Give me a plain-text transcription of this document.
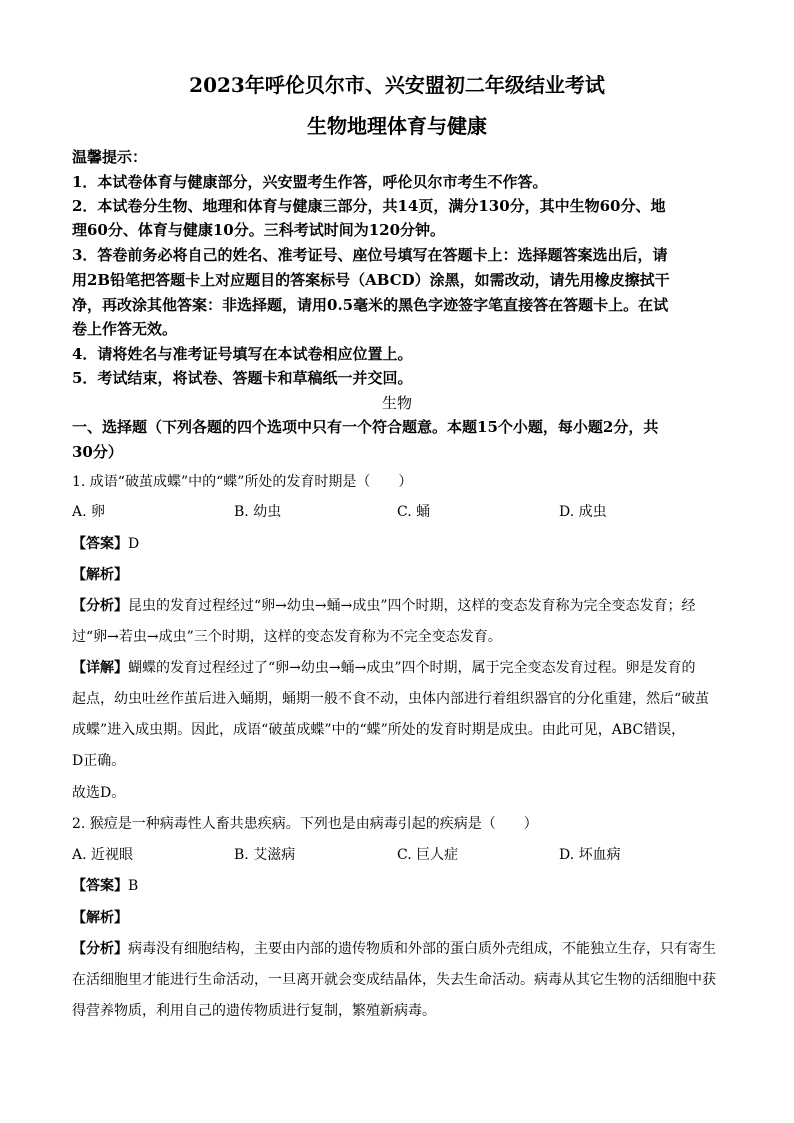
2023年呼伦贝尔市、兴安盟初二年级结业考试
生物地理体育与健康
温馨提示：
1．本试卷体育与健康部分，兴安盟考生作答，呼伦贝尔市考生不作答。
2．本试卷分生物、地理和体育与健康三部分，共14页，满分130分，其中生物60分、地
理60分、体育与健康10分。三科考试时间为120分钟。
3．答卷前务必将自己的姓名、准考证号、座位号填写在答题卡上：选择题答案选出后，请
用2B铅笔把答题卡上对应题目的答案标号（ABCD）涂黑，如需改动，请先用橡皮擦拭干
净，再改涂其他答案：非选择题，请用0.5毫米的黑色字迹签字笔直接答在答题卡上。在试
卷上作答无效。
4．请将姓名与准考证号填写在本试卷相应位置上。
5．考试结束，将试卷、答题卡和草稿纸一并交回。
生物
一、选择题（下列各题的四个选项中只有一个符合题意。本题15个小题，每小题2分，共
30分）
1. 成语“破茧成蝶”中的“蝶”所处的发育时期是（　　）
A. 卵	B. 幼虫	C. 蛹	D. 成虫
【答案】D
【解析】
【分析】昆虫的发育过程经过“卵→幼虫→蛹→成虫”四个时期，这样的变态发育称为完全变态发育；经
过“卵→若虫→成虫”三个时期，这样的变态发育称为不完全变态发育。
【详解】蝴蝶的发育过程经过了“卵→幼虫→蛹→成虫”四个时期，属于完全变态发育过程。卵是发育的
起点，幼虫吐丝作茧后进入蛹期，蛹期一般不食不动，虫体内部进行着组织器官的分化重建，然后“破茧
成蝶”进入成虫期。因此，成语“破茧成蝶”中的“蝶”所处的发育时期是成虫。由此可见，ABC错误，
D正确。
故选D。
2. 猴痘是一种病毒性人畜共患疾病。下列也是由病毒引起的疾病是（　　）
A. 近视眼	B. 艾滋病	C. 巨人症	D. 坏血病
【答案】B
【解析】
【分析】病毒没有细胞结构，主要由内部的遗传物质和外部的蛋白质外壳组成，不能独立生存，只有寄生
在活细胞里才能进行生命活动，一旦离开就会变成结晶体，失去生命活动。病毒从其它生物的活细胞中获
得营养物质，利用自己的遗传物质进行复制，繁殖新病毒。
